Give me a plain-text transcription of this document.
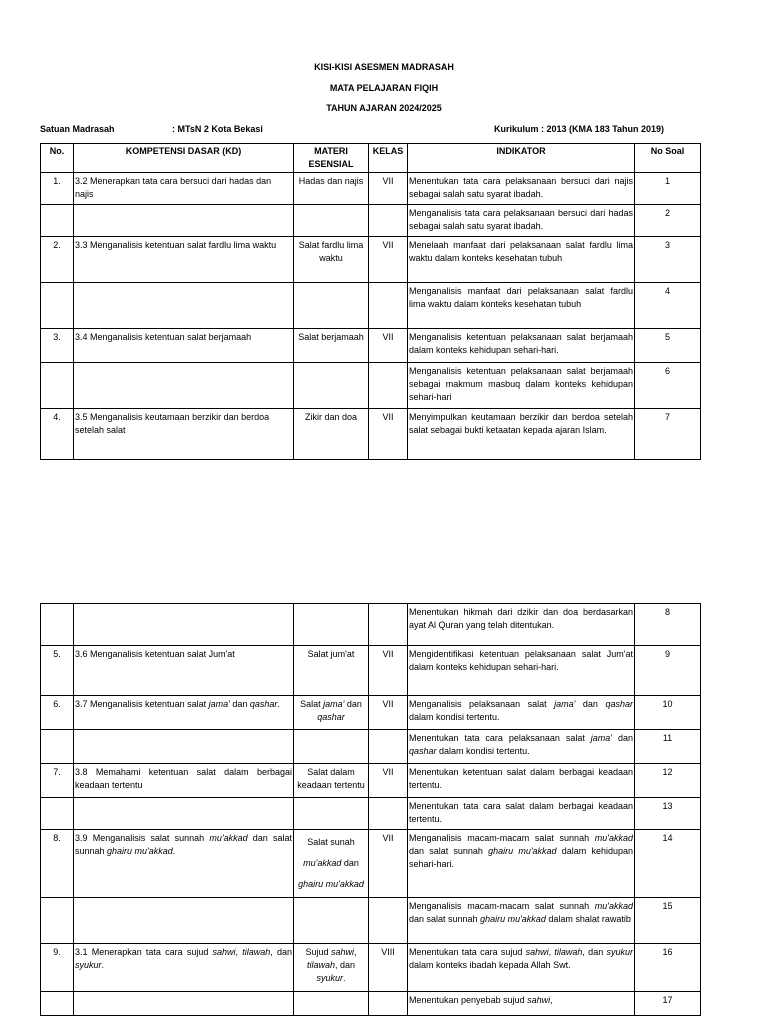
KISI-KISI ASESMEN MADRASAH
MATA PELAJARAN FIQIH
TAHUN AJARAN 2024/2025
Satuan Madrasah	: MTsN 2 Kota Bekasi	Kurikulum : 2013 (KMA 183 Tahun 2019)
No.	KOMPETENSI DASAR (KD)	MATERI ESENSIAL	KELAS	INDIKATOR	No Soal
1.	3.2 Menerapkan tata cara bersuci dari hadas dan najis	Hadas dan najis	VII	Menentukan tata cara pelaksanaan bersuci dari najis sebagai salah satu syarat ibadah.	1
				Menganalisis tata cara pelaksanaan bersuci dari hadas sebagai salah satu syarat ibadah.	2
2.	3.3 Menganalisis ketentuan salat fardlu lima waktu	Salat fardlu lima waktu	VII	Menelaah manfaat dari pelaksanaan salat fardlu lima waktu dalam konteks kesehatan tubuh	3
				Menganalisis manfaat dari pelaksanaan salat fardlu lima waktu dalam konteks kesehatan tubuh	4
3.	3.4 Menganalisis ketentuan salat berjamaah	Salat berjamaah	VII	Menganalisis ketentuan pelaksanaan salat berjamaah dalam konteks kehidupan sehari-hari.	5
				Menganalisis ketentuan pelaksanaan salat berjamaah sebagai makmum masbuq dalam konteks kehidupan sehari-hari	6
4.	3.5 Menganalisis keutamaan berzikir dan berdoa setelah salat	Zikir dan doa	VII	Menyimpulkan keutamaan berzikir dan berdoa setelah salat sebagai bukti ketaatan kepada ajaran Islam.	7
				Menentukan hikmah dari dzikir dan doa berdasarkan ayat Al Quran yang telah ditentukan.	8
5.	3.6 Menganalisis ketentuan salat Jum'at	Salat jum'at	VII	Mengidentifikasi ketentuan pelaksanaan salat Jum'at dalam konteks kehidupan sehari-hari.	9
6.	3.7 Menganalisis ketentuan salat jama' dan qashar.	Salat jama' dan qashar	VII	Menganalisis pelaksanaan salat jama' dan qashar dalam kondisi tertentu.	10
				Menentukan tata cara pelaksanaan salat jama' dan qashar dalam kondisi tertentu.	11
7.	3.8 Memahami ketentuan salat dalam berbagai keadaan tertentu	Salat dalam keadaan tertentu	VII	Menentukan ketentuan salat dalam berbagai keadaan tertentu.	12
				Menentukan tata cara salat dalam berbagai keadaan tertentu.	13
8.	3.9 Menganalisis salat sunnah mu'akkad dan salat sunnah ghairu mu'akkad.	Salat sunah
mu'akkad dan
ghairu mu'akkad	VII	Menganalisis macam-macam salat sunnah mu'akkad dan salat sunnah ghairu mu'akkad dalam kehidupan sehari-hari.	14
				Menganalisis macam-macam salat sunnah mu'akkad dan salat sunnah ghairu mu'akkad dalam shalat rawatib	15
9.	3.1 Menerapkan tata cara sujud sahwi, tilawah, dan syukur.	Sujud sahwi, tilawah, dan syukur.	VIII	Menentukan tata cara sujud sahwi, tilawah, dan syukur dalam konteks ibadah kepada Allah Swt.	16
				Menentukan penyebab sujud sahwi,	17
